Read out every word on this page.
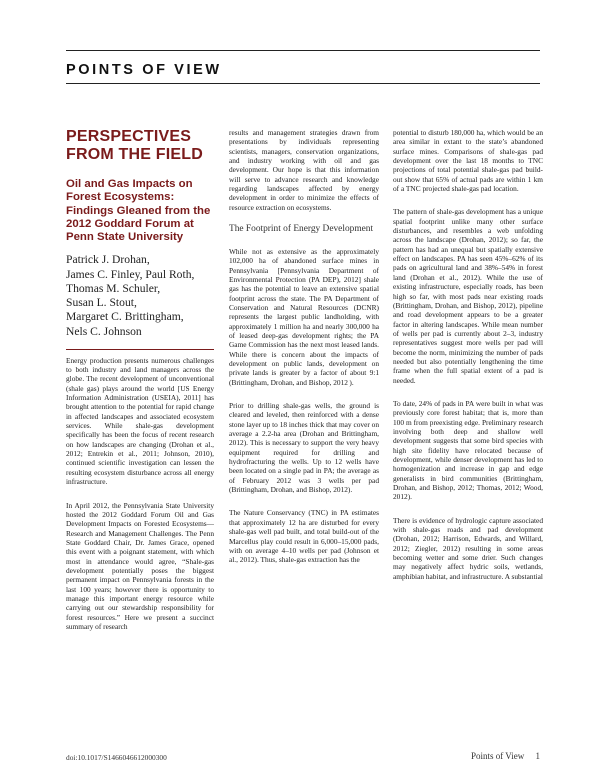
POINTS OF VIEW

PERSPECTIVES

FROM THE FIELD

Oil and Gas Impacts on Forest Ecosystems: Findings Gleaned from the 2012 Goddard Forum at Penn State University

Patrick J. Drohan,
James C. Finley, Paul Roth,
Thomas M. Schuler,
Susan L. Stout,
Margaret C. Brittingham,
Nels C. Johnson

Energy production presents numerous challenges to both industry and land managers across the globe. The recent development of unconventional (shale gas) plays around the world [US Energy Information Administration (USEIA), 2011] has brought attention to the potential for rapid change in affected landscapes and associated ecosystem services. While shale-gas development specifically has been the focus of recent research on how landscapes are changing (Drohan et al., 2012; Entrekin et al., 2011; Johnson, 2010), continued scientific investigation can lessen the resulting ecosystem disturbance across all energy infrastructure.

In April 2012, the Pennsylvania State University hosted the 2012 Goddard Forum Oil and Gas Development Impacts on Forested Ecosystems—Research and Management Challenges. The Penn State Goddard Chair, Dr. James Grace, opened this event with a poignant statement, with which most in attendance would agree, “Shale-gas development potentially poses the biggest permanent impact on Pennsylvania forests in the last 100 years; however there is opportunity to manage this important energy resource while carrying out our stewardship responsibility for forest resources.” Here we present a succinct summary of research

results and management strategies drawn from presentations by individuals representing scientists, managers, conservation organizations, and industry working with oil and gas development. Our hope is that this information will serve to advance research and knowledge regarding landscapes affected by energy development in order to minimize the effects of resource extraction on ecosystems.

The Footprint of Energy Development

While not as extensive as the approximately 102,000 ha of abandoned surface mines in Pennsylvania [Pennsylvania Department of Environmental Protection (PA DEP), 2012] shale gas has the potential to leave an extensive spatial footprint across the state. The PA Department of Conservation and Natural Resources (DCNR) represents the largest public landholding, with approximately 1 million ha and nearly 300,000 ha of leased deep-gas development rights; the PA Game Commission has the next most leased lands. While there is concern about the impacts of development on public lands, development on private lands is greater by a factor of about 9:1 (Brittingham, Drohan, and Bishop, 2012 ).

Prior to drilling shale-gas wells, the ground is cleared and leveled, then reinforced with a dense stone layer up to 18 inches thick that may cover on average a 2.2-ha area (Drohan and Brittingham, 2012). This is necessary to support the very heavy equipment required for drilling and hydrofracturing the wells. Up to 12 wells have been located on a single pad in PA; the average as of February 2012 was 3 wells per pad (Brittingham, Drohan, and Bishop, 2012).

The Nature Conservancy (TNC) in PA estimates that approximately 12 ha are disturbed for every shale-gas well pad built, and total build-out of the Marcellus play could result in 6,000–15,000 pads, with on average 4–10 wells per pad (Johnson et al., 2012). Thus, shale-gas extraction has the

potential to disturb 180,000 ha, which would be an area similar in extant to the state’s abandoned surface mines. Comparisons of shale-gas pad development over the last 18 months to TNC projections of total potential shale-gas pad build-out show that 65% of actual pads are within 1 km of a TNC projected shale-gas pad location.

The pattern of shale-gas development has a unique spatial footprint unlike many other surface disturbances, and resembles a web unfolding across the landscape (Drohan, 2012); so far, the pattern has had an unequal but spatially extensive effect on landscapes. PA has seen 45%–62% of its pads on agricultural land and 38%–54% in forest land (Drohan et al., 2012). While the use of existing infrastructure, especially roads, has been high so far, with most pads near existing roads (Brittingham, Drohan, and Bishop, 2012), pipeline and road development appears to be a greater factor in altering landscapes. While mean number of wells per pad is currently about 2–3, industry representatives suggest more wells per pad will become the norm, minimizing the number of pads needed but also potentially lengthening the time frame when the full spatial extent of a pad is needed.

To date, 24% of pads in PA were built in what was previously core forest habitat; that is, more than 100 m from preexisting edge. Preliminary research involving both deep and shallow well development suggests that some bird species with high site fidelity have relocated because of development, while denser development has led to homogenization and increase in gap and edge generalists in bird communities (Brittingham, Drohan, and Bishop, 2012; Thomas, 2012; Wood, 2012).

There is evidence of hydrologic capture associated with shale-gas roads and pad development (Drohan, 2012; Harrison, Edwards, and Willard, 2012; Ziegler, 2012) resulting in some areas becoming wetter and some drier. Such changes may negatively affect hydric soils, wetlands, amphibian habitat, and infrastructure. A substantial

doi:10.1017/S1466046612000300	Points of View 1
